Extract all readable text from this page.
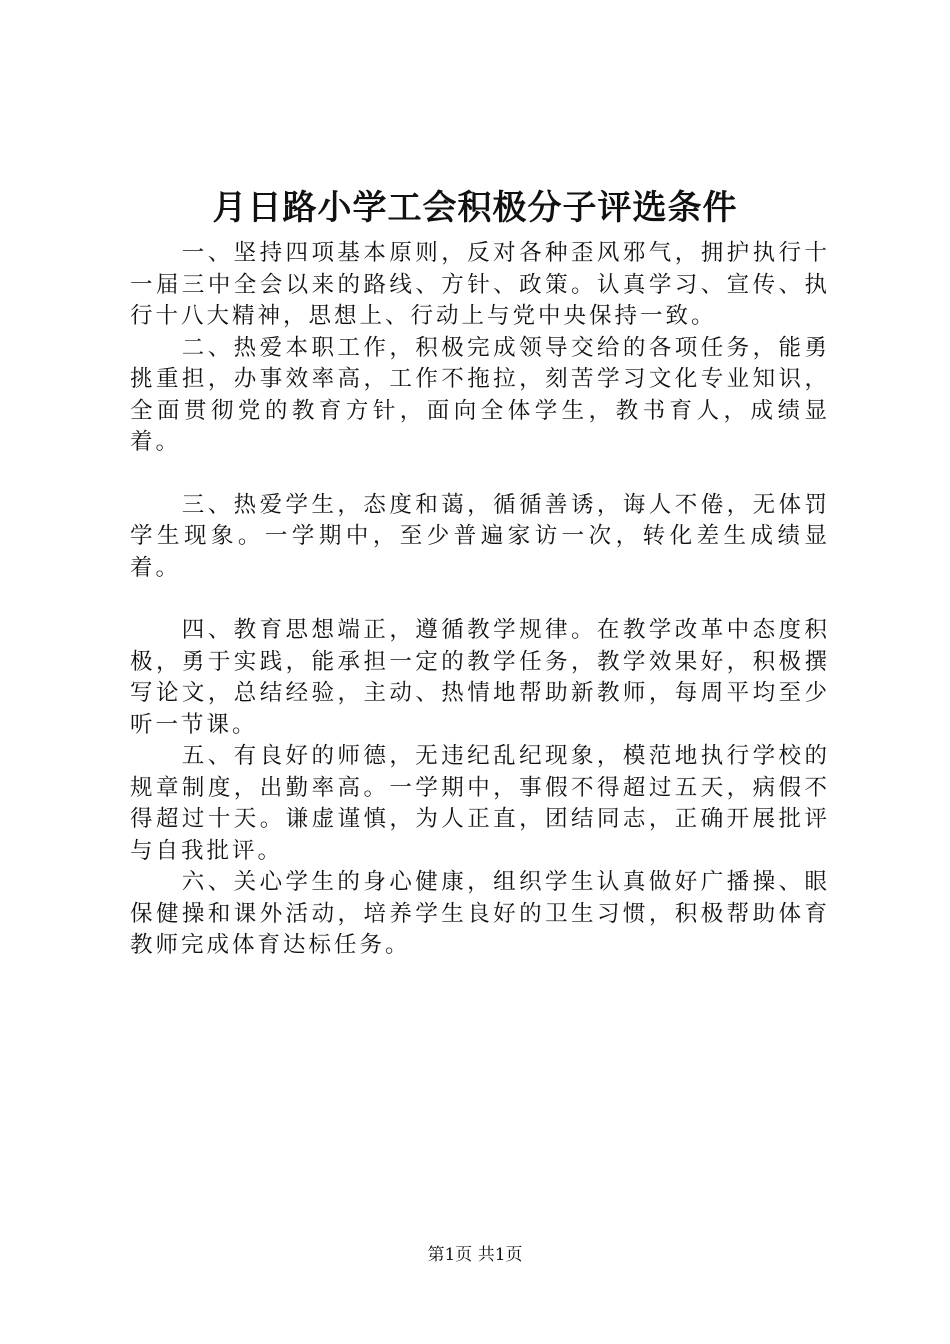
月日路小学工会积极分子评选条件

一、坚持四项基本原则，反对各种歪风邪气，拥护执行十一届三中全会以来的路线、方针、政策。认真学习、宣传、执行十八大精神，思想上、行动上与党中央保持一致。

二、热爱本职工作，积极完成领导交给的各项任务，能勇挑重担，办事效率高，工作不拖拉，刻苦学习文化专业知识，全面贯彻党的教育方针，面向全体学生，教书育人，成绩显着。

三、热爱学生，态度和蔼，循循善诱，诲人不倦，无体罚学生现象。一学期中，至少普遍家访一次，转化差生成绩显着。

四、教育思想端正，遵循教学规律。在教学改革中态度积极，勇于实践，能承担一定的教学任务，教学效果好，积极撰写论文，总结经验，主动、热情地帮助新教师，每周平均至少听一节课。

五、有良好的师德，无违纪乱纪现象，模范地执行学校的规章制度，出勤率高。一学期中，事假不得超过五天，病假不得超过十天。谦虚谨慎，为人正直，团结同志，正确开展批评与自我批评。

六、关心学生的身心健康，组织学生认真做好广播操、眼保健操和课外活动，培养学生良好的卫生习惯，积极帮助体育教师完成体育达标任务。

第1页 共1页
